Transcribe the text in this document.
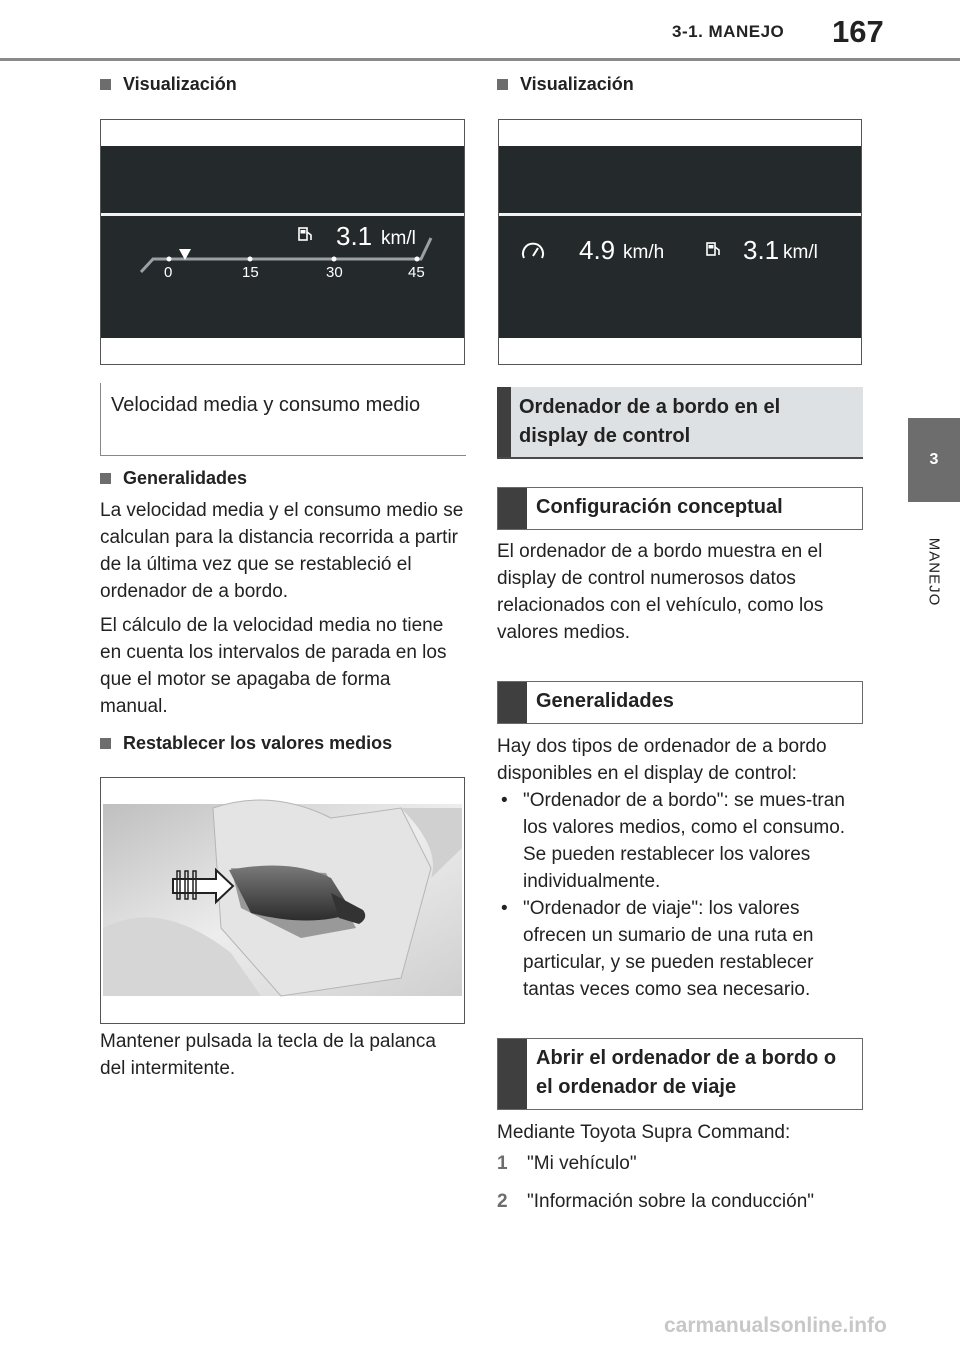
3-1. MANEJO 167
3
MANEJO
Visualización
3.1 km/l
0	15	30	45
Velocidad media y consumo medio
Generalidades
La velocidad media y el consumo medio se calculan para la distancia recorrida a partir de la última vez que se restableció el ordenador de a bordo.
El cálculo de la velocidad media no tiene en cuenta los intervalos de parada en los que el motor se apagaba de forma manual.
Restablecer los valores medios
Mantener pulsada la tecla de la palanca del intermitente.
Visualización
4.9 km/h	3.1 km/l
Ordenador de a bordo en el display de control
Configuración conceptual
El ordenador de a bordo muestra en el display de control numerosos datos relacionados con el vehículo, como los valores medios.
Generalidades
Hay dos tipos de ordenador de a bordo disponibles en el display de control:
• "Ordenador de a bordo": se mues-tran los valores medios, como el consumo. Se pueden restablecer los valores individualmente.
• "Ordenador de viaje": los valores ofrecen un sumario de una ruta en particular, y se pueden restablecer tantas veces como sea necesario.
Abrir el ordenador de a bordo o el ordenador de viaje
Mediante Toyota Supra Command:
1 "Mi vehículo"
2 "Información sobre la conducción"
carmanualsonline.info
